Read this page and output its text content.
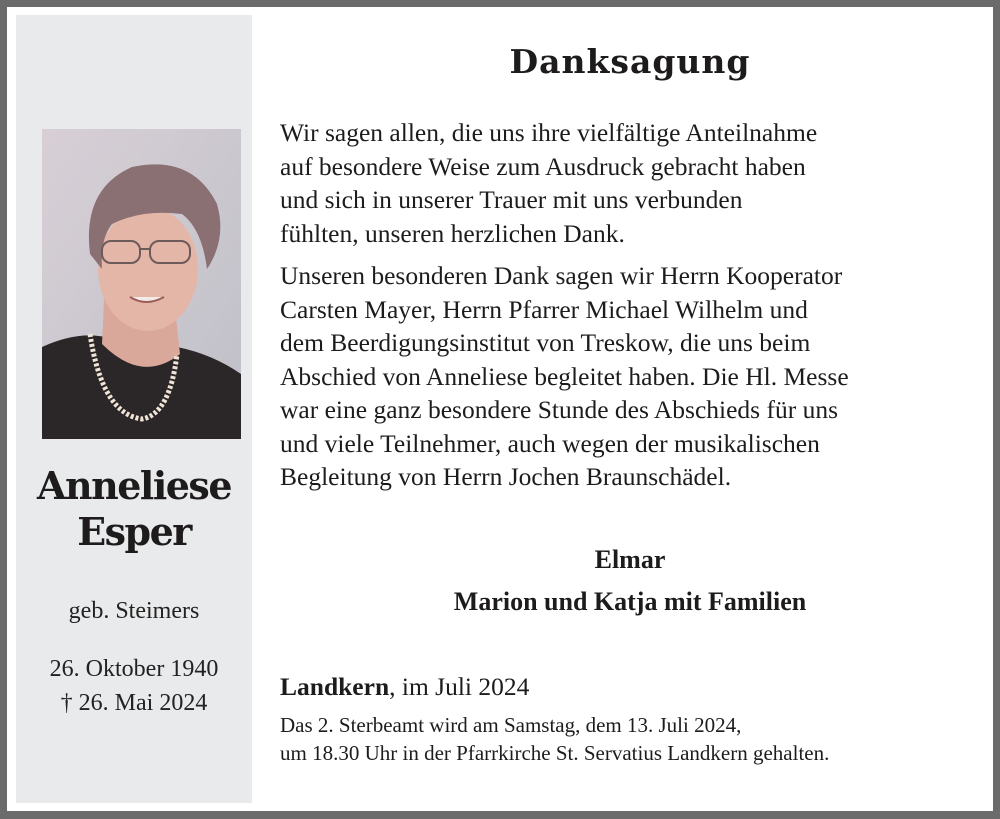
Anneliese
Esper
geb. Steimers
26. Oktober 1940
† 26. Mai 2024
Danksagung
Wir sagen allen, die uns ihre vielfältige Anteilnahme
auf besondere Weise zum Ausdruck gebracht haben
und sich in unserer Trauer mit uns verbunden
fühlten, unseren herzlichen Dank.
Unseren besonderen Dank sagen wir Herrn Kooperator
Carsten Mayer, Herrn Pfarrer Michael Wilhelm und
dem Beerdigungsinstitut von Treskow, die uns beim
Abschied von Anneliese begleitet haben. Die Hl. Messe
war eine ganz besondere Stunde des Abschieds für uns
und viele Teilnehmer, auch wegen der musikalischen
Begleitung von Herrn Jochen Braunschädel.
Elmar
Marion und Katja mit Familien
Landkern, im Juli 2024
Das 2. Sterbeamt wird am Samstag, dem 13. Juli 2024,
um 18.30 Uhr in der Pfarrkirche St. Servatius Landkern gehalten.
